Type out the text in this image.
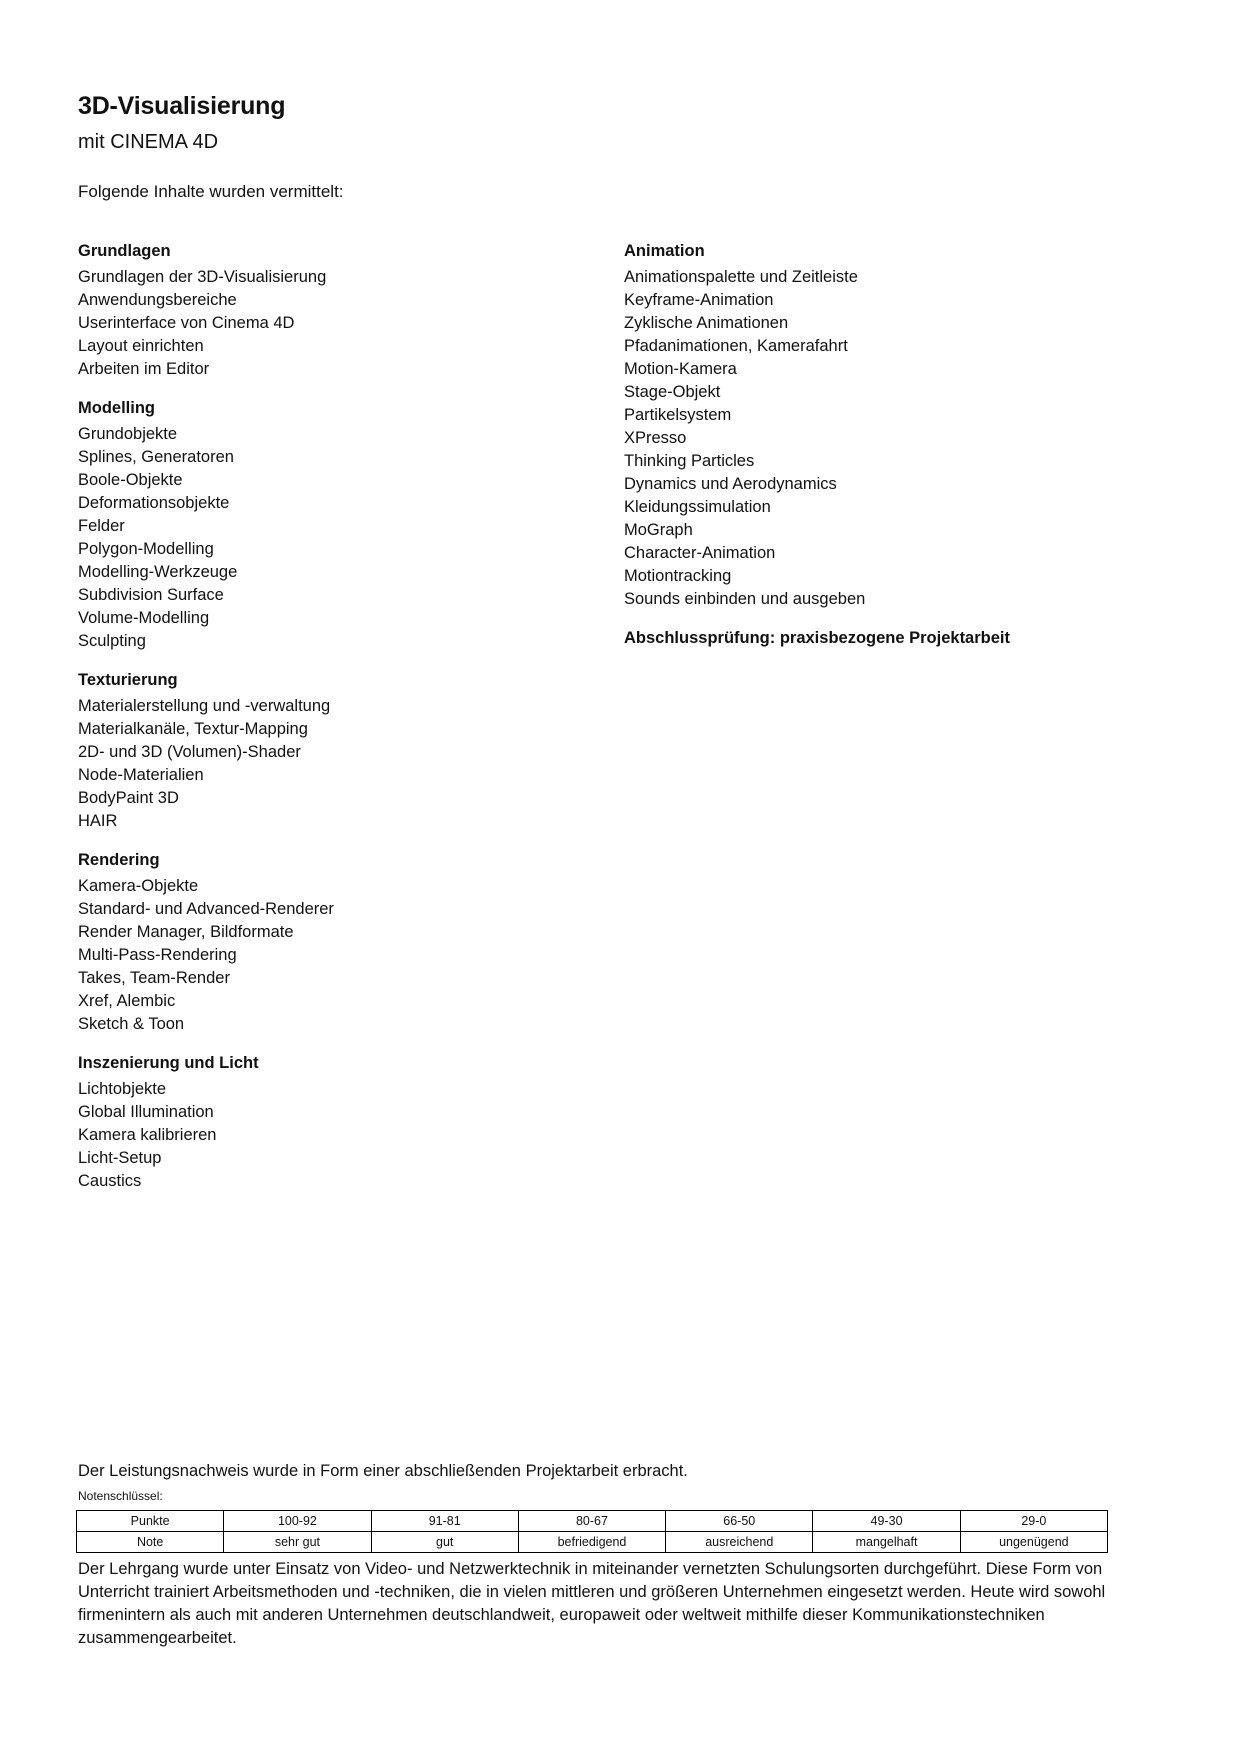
3D-Visualisierung

mit CINEMA 4D

Folgende Inhalte wurden vermittelt:

Grundlagen
Grundlagen der 3D-Visualisierung
Anwendungsbereiche
Userinterface von Cinema 4D
Layout einrichten
Arbeiten im Editor
Modelling
Grundobjekte
Splines, Generatoren
Boole-Objekte
Deformationsobjekte
Felder
Polygon-Modelling
Modelling-Werkzeuge
Subdivision Surface
Volume-Modelling
Sculpting
Texturierung
Materialerstellung und -verwaltung
Materialkanäle, Textur-Mapping
2D- und 3D (Volumen)-Shader
Node-Materialien
BodyPaint 3D
HAIR
Rendering
Kamera-Objekte
Standard- und Advanced-Renderer
Render Manager, Bildformate
Multi-Pass-Rendering
Takes, Team-Render
Xref, Alembic
Sketch & Toon
Inszenierung und Licht
Lichtobjekte
Global Illumination
Kamera kalibrieren
Licht-Setup
Caustics
Animation
Animationspalette und Zeitleiste
Keyframe-Animation
Zyklische Animationen
Pfadanimationen, Kamerafahrt
Motion-Kamera
Stage-Objekt
Partikelsystem
XPresso
Thinking Particles
Dynamics und Aerodynamics
Kleidungssimulation
MoGraph
Character-Animation
Motiontracking
Sounds einbinden und ausgeben

Abschlussprüfung: praxisbezogene Projektarbeit

Der Leistungsnachweis wurde in Form einer abschließenden Projektarbeit erbracht.

Notenschlüssel:

Punkte	100-92	91-81	80-67	66-50	49-30	29-0
Note	sehr gut	gut	befriedigend	ausreichend	mangelhaft	ungenügend

Der Lehrgang wurde unter Einsatz von Video- und Netzwerktechnik in miteinander vernetzten Schulungsorten durchgeführt. Diese Form von Unterricht trainiert Arbeitsmethoden und -techniken, die in vielen mittleren und größeren Unternehmen eingesetzt werden. Heute wird sowohl firmenintern als auch mit anderen Unternehmen deutschlandweit, europaweit oder weltweit mithilfe dieser Kommunikationstechniken zusammengearbeitet.
